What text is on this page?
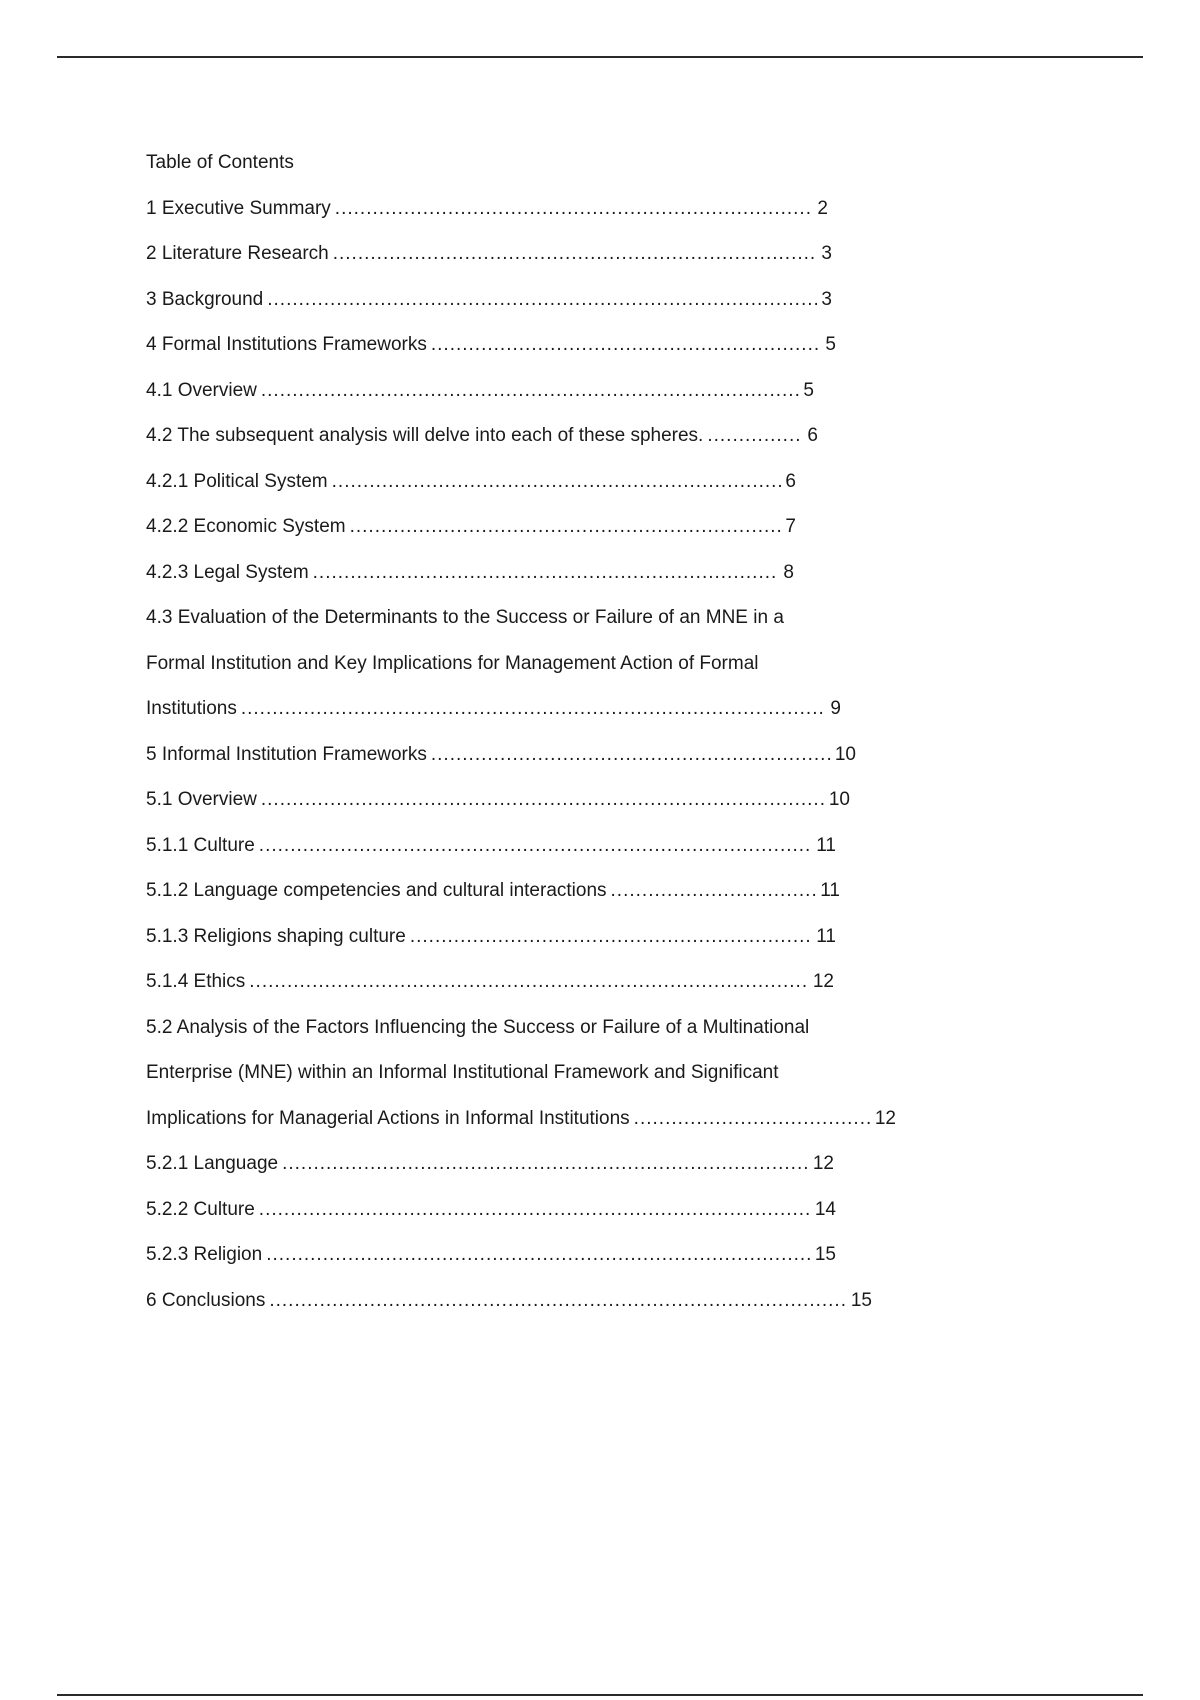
Table of Contents
1 Executive Summary .....	2
2 Literature Research .....	3
3 Background .....	3
4 Formal Institutions Frameworks .....	5
4.1 Overview .....	5
4.2 The subsequent analysis will delve into each of these spheres. .....	6
4.2.1 Political System .....	6
4.2.2 Economic System .....	7
4.2.3 Legal System .....	8
4.3 Evaluation of the Determinants to the Success or Failure of an MNE in a
Formal Institution and Key Implications for Management Action of Formal
Institutions .....	9
5 Informal Institution Frameworks .....	10
5.1 Overview .....	10
5.1.1 Culture .....	11
5.1.2 Language competencies and cultural interactions .....	11
5.1.3 Religions shaping culture .....	11
5.1.4 Ethics .....	12
5.2 Analysis of the Factors Influencing the Success or Failure of a Multinational
Enterprise (MNE) within an Informal Institutional Framework and Significant
Implications for Managerial Actions in Informal Institutions .....	12
5.2.1 Language .....	12
5.2.2 Culture .....	14
5.2.3 Religion .....	15
6 Conclusions .....	15
